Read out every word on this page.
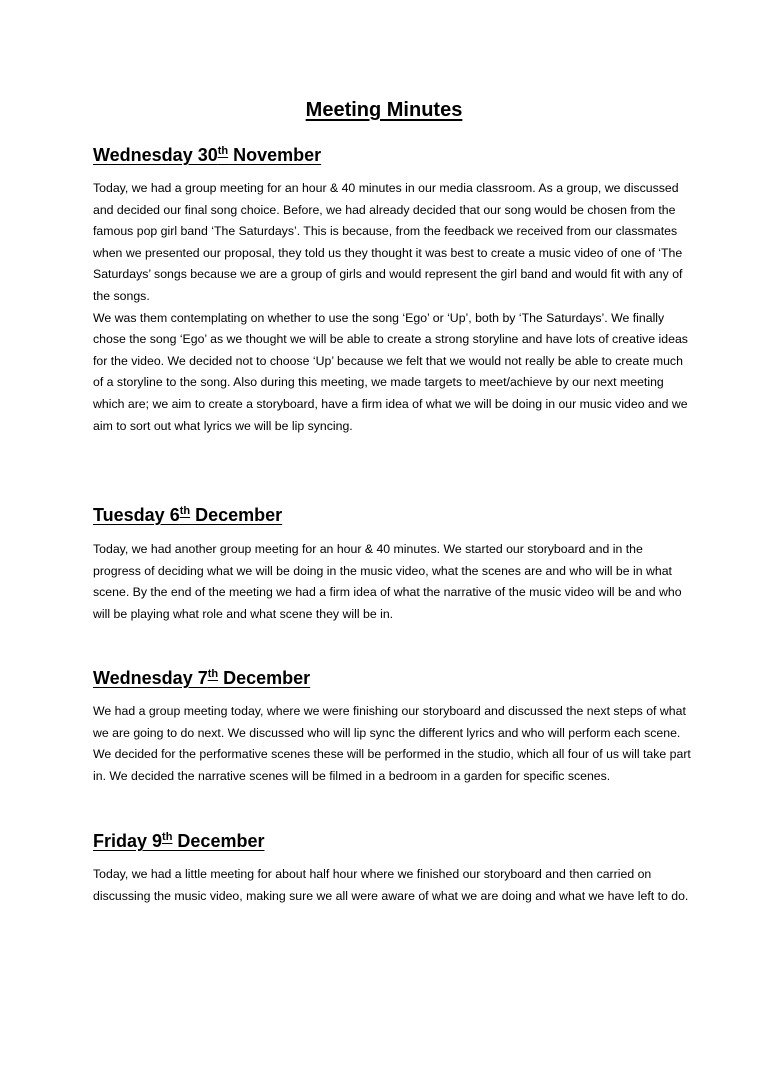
Meeting Minutes
Wednesday 30th November

Today, we had a group meeting for an hour & 40 minutes in our media classroom. As a group, we discussed and decided our final song choice. Before, we had already decided that our song would be chosen from the famous pop girl band ‘The Saturdays’. This is because, from the feedback we received from our classmates when we presented our proposal, they told us they thought it was best to create a music video of one of ‘The Saturdays’ songs because we are a group of girls and would represent the girl band and would fit with any of the songs.

We was them contemplating on whether to use the song ‘Ego’ or ‘Up’, both by ‘The Saturdays’. We finally chose the song ‘Ego’ as we thought we will be able to create a strong storyline and have lots of creative ideas for the video. We decided not to choose ‘Up’ because we felt that we would not really be able to create much of a storyline to the song. Also during this meeting, we made targets to meet/achieve by our next meeting which are; we aim to create a storyboard, have a firm idea of what we will be doing in our music video and we aim to sort out what lyrics we will be lip syncing.

Tuesday 6th December

Today, we had another group meeting for an hour & 40 minutes. We started our storyboard and in the progress of deciding what we will be doing in the music video, what the scenes are and who will be in what scene. By the end of the meeting we had a firm idea of what the narrative of the music video will be and who will be playing what role and what scene they will be in.

Wednesday 7th December

We had a group meeting today, where we were finishing our storyboard and discussed the next steps of what we are going to do next. We discussed who will lip sync the different lyrics and who will perform each scene. We decided for the performative scenes these will be performed in the studio, which all four of us will take part in. We decided the narrative scenes will be filmed in a bedroom in a garden for specific scenes.

Friday 9th December

Today, we had a little meeting for about half hour where we finished our storyboard and then carried on discussing the music video, making sure we all were aware of what we are doing and what we have left to do.
